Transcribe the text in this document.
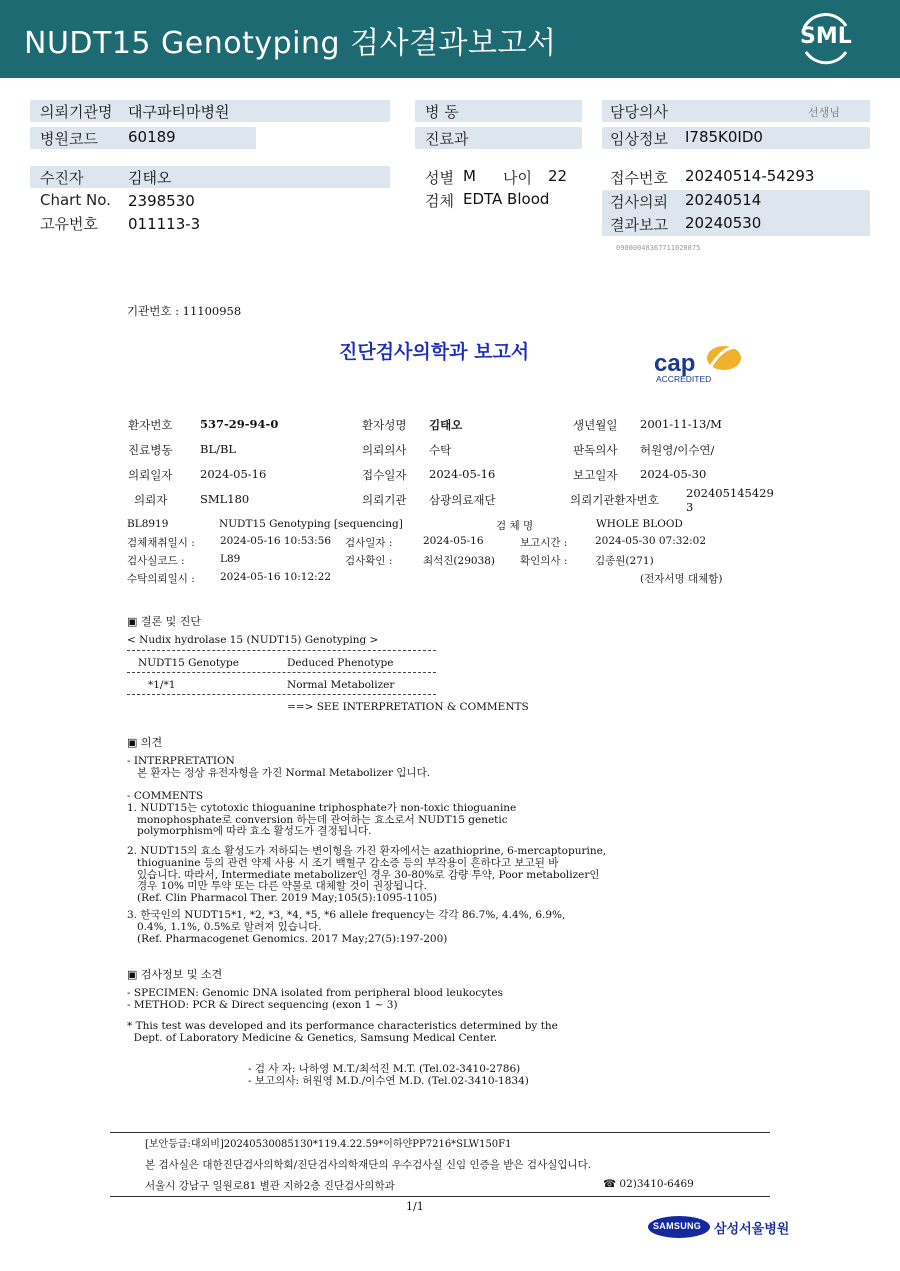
NUDT15 Genotyping 검사결과보고서	SML
의뢰기관명 대구파티마병원
병원코드 60189
수진자	김태오
Chart No. 2398530
고유번호 011113-3
병 동
진료과
성별 M 나이 22
검체 EDTA Blood
담당의사	선생님
임상정보 I785K0ID0
접수번호 20240514-54293
검사의뢰 20240514
결과보고 20240530
09000048367711028875
기관번호 : 11100958
진단검사의학과 보고서	cap
ACCREDITED
환자번호 537-29-94-0	환자성명 김태오	생년월일 2001-11-13/M
진료병동 BL/BL	의뢰의사 수탁	판독의사 허원영/이수연/
의뢰일자 2024-05-16	접수일자 2024-05-16	보고일자 2024-05-30
의뢰자	SML180	의뢰기관 삼광의료재단	의뢰기관환자번호 202405145429
3
BL8919	NUDT15 Genotyping [sequencing]	검 체 명	WHOLE BLOOD
검체채취일시 : 2024-05-16 10:53:56 검사일자 :	2024-05-16	보고시간 :	2024-05-30 07:32:02
검사실코드 :	L89	검사확인 :	최석진(29038) 확인의사 :	김종원(271)
수탁의뢰일시 : 2024-05-16 10:12:22	(전자서명 대체함)
▣ 결론 및 진단
< Nudix hydrolase 15 (NUDT15) Genotyping >
NUDT15 Genotype	Deduced Phenotype
*1/*1	Normal Metabolizer
==> SEE INTERPRETATION & COMMENTS
▣ 의견
- INTERPRETATION
본 환자는 정상 유전자형을 가진 Normal Metabolizer 입니다.
- COMMENTS
1. NUDT15는 cytotoxic thioguanine triphosphate가 non-toxic thioguanine
monophosphate로 conversion 하는데 관여하는 효소로서 NUDT15 genetic
polymorphism에 따라 효소 활성도가 결정됩니다.
2. NUDT15의 효소 활성도가 저하되는 변이형을 가진 환자에서는 azathioprine, 6-mercaptopurine,
thioguanine 등의 관련 약제 사용 시 조기 백혈구 감소증 등의 부작용이 흔하다고 보고된 바
있습니다. 따라서, Intermediate metabolizer인 경우 30-80%로 감량 투약, Poor metabolizer인
경우 10% 미만 투약 또는 다른 약물로 대체할 것이 권장됩니다.
(Ref. Clin Pharmacol Ther. 2019 May;105(5):1095-1105)
3. 한국인의 NUDT15*1, *2, *3, *4, *5, *6 allele frequency는 각각 86.7%, 4.4%, 6.9%,
0.4%, 1.1%, 0.5%로 알려져 있습니다.
(Ref. Pharmacogenet Genomics. 2017 May;27(5):197-200)
▣ 검사정보 및 소견
- SPECIMEN: Genomic DNA isolated from peripheral blood leukocytes
- METHOD: PCR & Direct sequencing (exon 1 ~ 3)
* This test was developed and its performance characteristics determined by the
Dept. of Laboratory Medicine & Genetics, Samsung Medical Center.
- 검 사 자: 나하영 M.T./최석진 M.T. (Tel.02-3410-2786)
- 보고의사: 허원영 M.D./이수연 M.D. (Tel.02-3410-1834)
[보안등급:대외비]20240530085130*119.4.22.59*이하얀PP7216*SLW150F1
본 검사실은 대한진단검사의학회/진단검사의학재단의 우수검사실 신임 인증을 받은 검사실입니다.
서울시 강남구 일원로81 별관 지하2층 진단검사의학과	☎ 02)3410-6469
1/1
SAMSUNG 삼성서울병원
